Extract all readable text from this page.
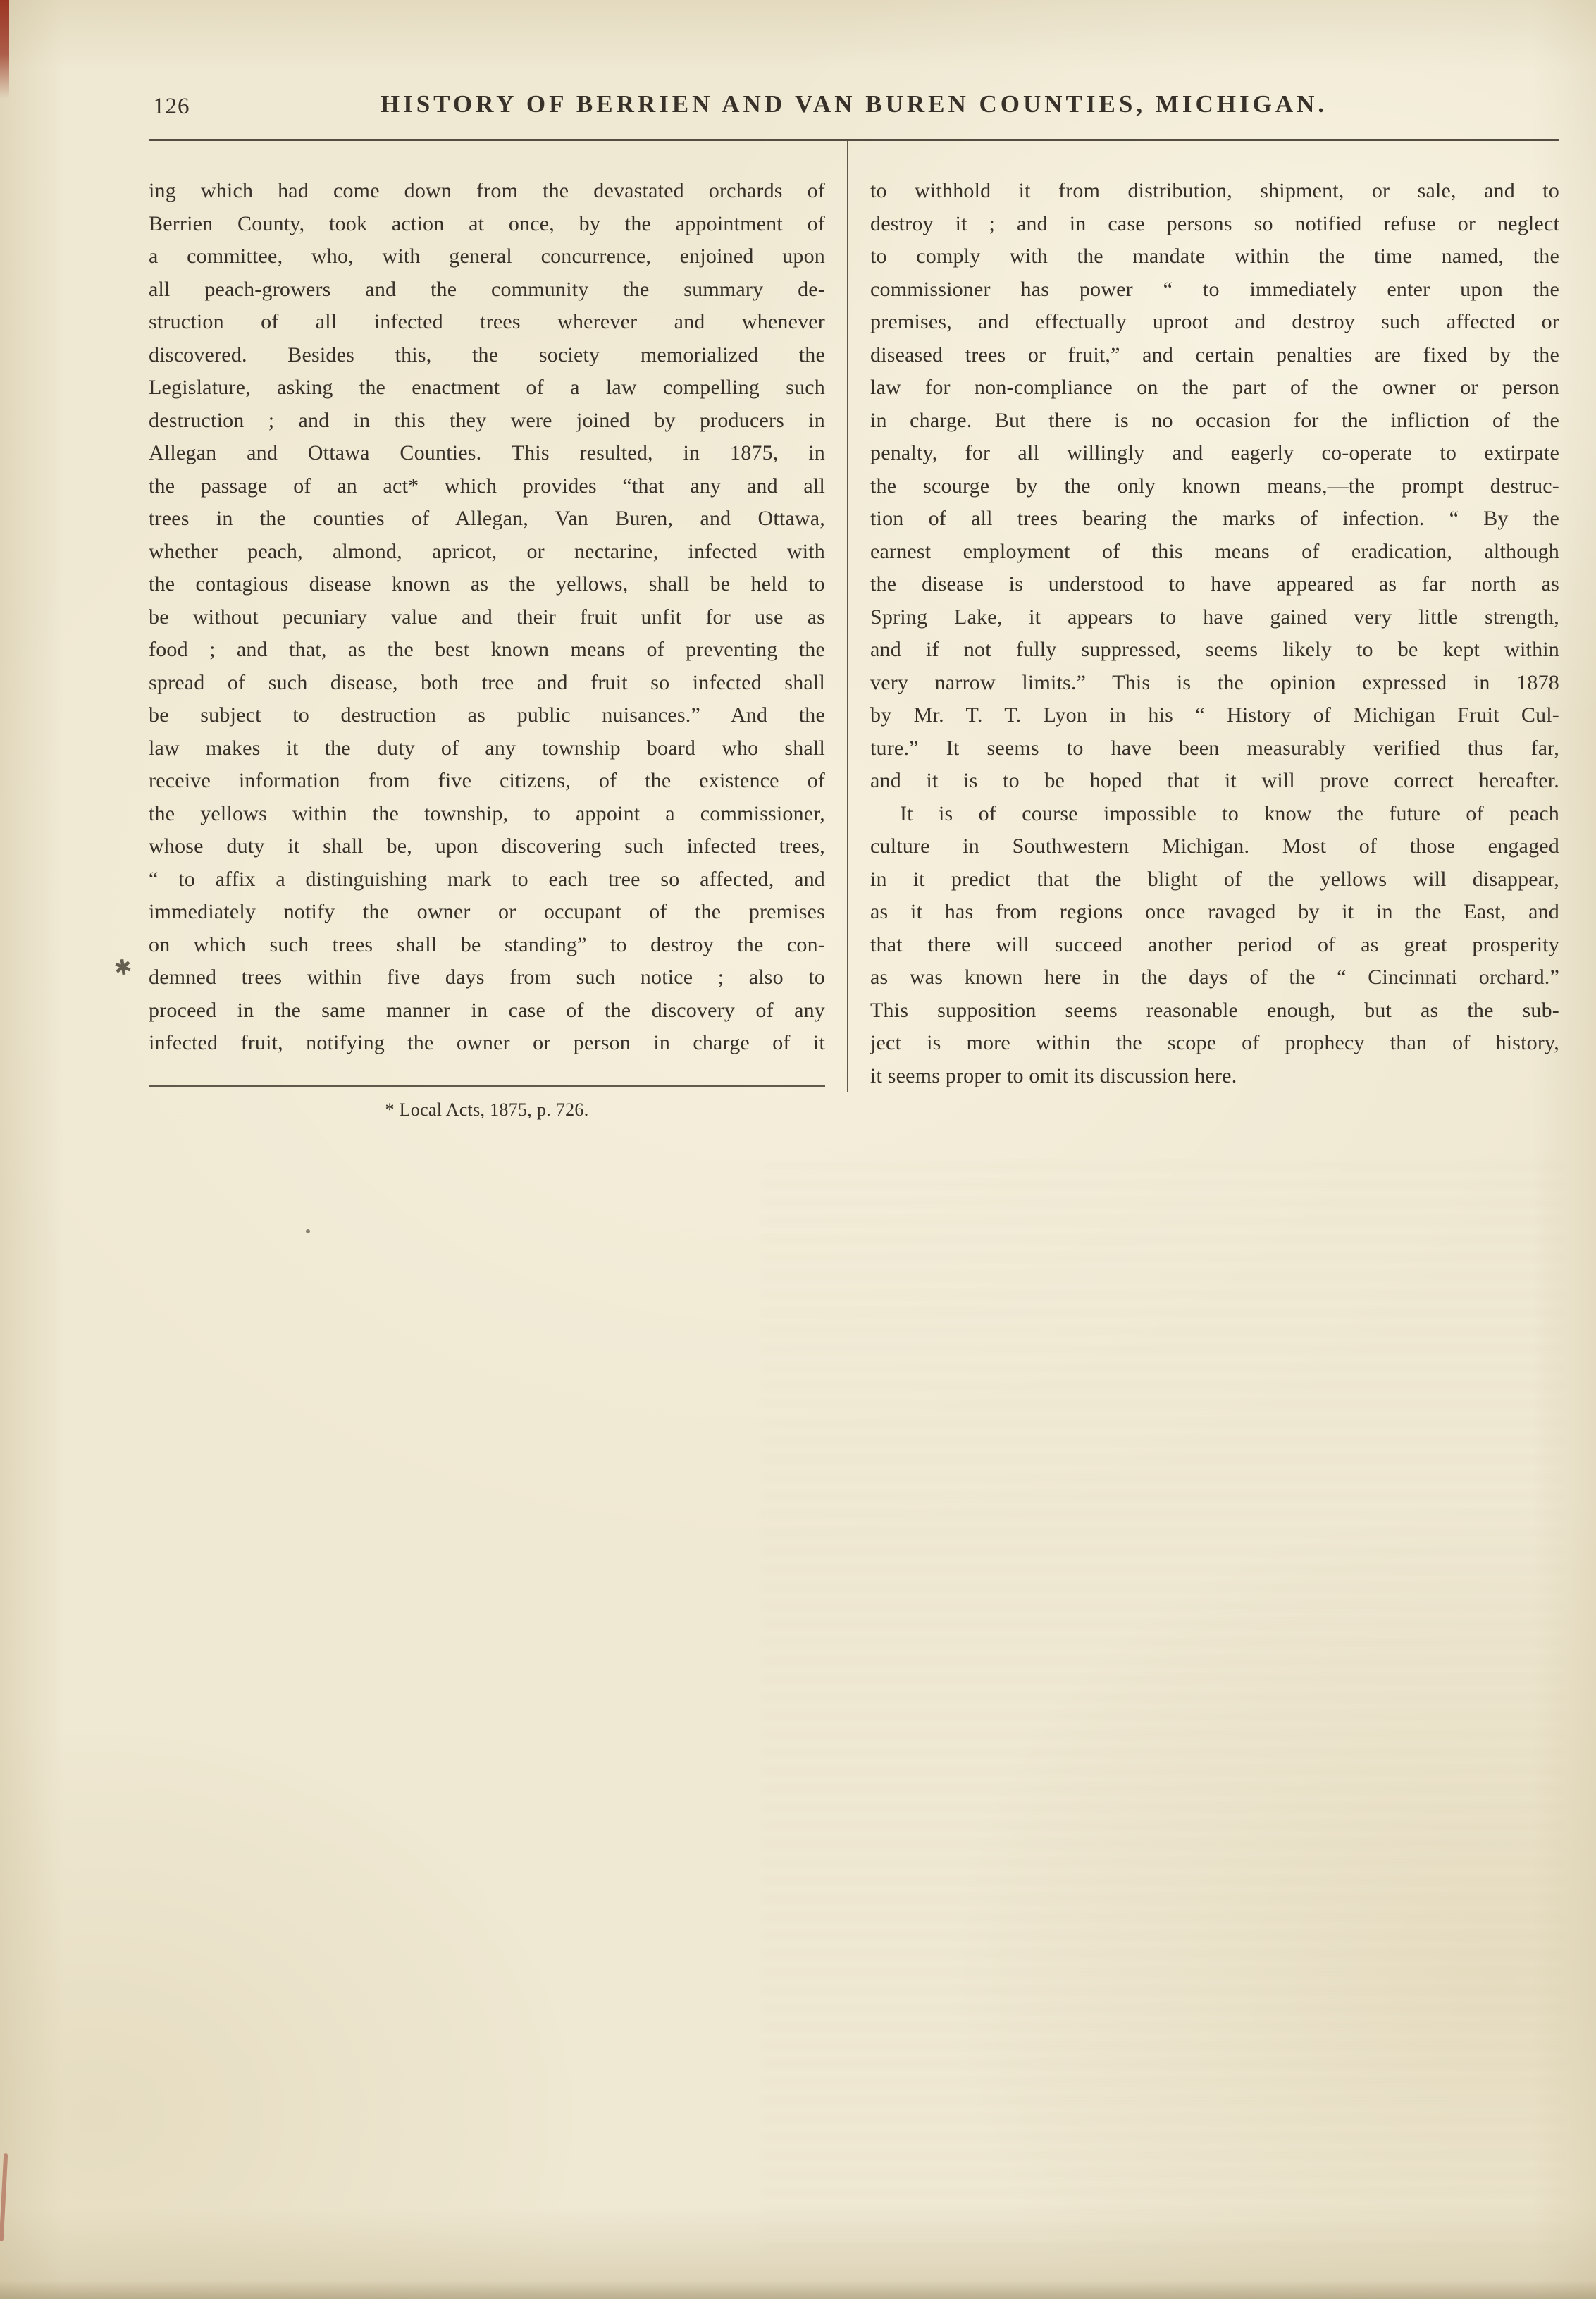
126	HISTORY OF BERRIEN AND VAN BUREN COUNTIES, MICHIGAN.
ing which had come down from the devastated orchards of
Berrien County, took action at once, by the appointment of
a committee, who, with general concurrence, enjoined upon
all peach-growers and the community the summary de-
struction of all infected trees wherever and whenever
discovered. Besides this, the society memorialized the
Legislature, asking the enactment of a law compelling such
destruction ; and in this they were joined by producers in
Allegan and Ottawa Counties. This resulted, in 1875, in
the passage of an act* which provides “that any and all
trees in the counties of Allegan, Van Buren, and Ottawa,
whether peach, almond, apricot, or nectarine, infected with
the contagious disease known as the yellows, shall be held to
be without pecuniary value and their fruit unfit for use as
food ; and that, as the best known means of preventing the
spread of such disease, both tree and fruit so infected shall
be subject to destruction as public nuisances.” And the
law makes it the duty of any township board who shall
receive information from five citizens, of the existence of
the yellows within the township, to appoint a commissioner,
whose duty it shall be, upon discovering such infected trees,
“ to affix a distinguishing mark to each tree so affected, and
immediately notify the owner or occupant of the premises
on which such trees shall be standing” to destroy the con-
demned trees within five days from such notice ; also to
proceed in the same manner in case of the discovery of any
infected fruit, notifying the owner or person in charge of it
* Local Acts, 1875, p. 726.
to withhold it from distribution, shipment, or sale, and to
destroy it ; and in case persons so notified refuse or neglect
to comply with the mandate within the time named, the
commissioner has power “ to immediately enter upon the
premises, and effectually uproot and destroy such affected or
diseased trees or fruit,” and certain penalties are fixed by the
law for non-compliance on the part of the owner or person
in charge. But there is no occasion for the infliction of the
penalty, for all willingly and eagerly co-operate to extirpate
the scourge by the only known means,—the prompt destruc-
tion of all trees bearing the marks of infection. “ By the
earnest employment of this means of eradication, although
the disease is understood to have appeared as far north as
Spring Lake, it appears to have gained very little strength,
and if not fully suppressed, seems likely to be kept within
very narrow limits.” This is the opinion expressed in 1878
by Mr. T. T. Lyon in his “ History of Michigan Fruit Cul-
ture.” It seems to have been measurably verified thus far,
and it is to be hoped that it will prove correct hereafter.
It is of course impossible to know the future of peach
culture in Southwestern Michigan. Most of those engaged
in it predict that the blight of the yellows will disappear,
as it has from regions once ravaged by it in the East, and
that there will succeed another period of as great prosperity
as was known here in the days of the “ Cincinnati orchard.”
This supposition seems reasonable enough, but as the sub-
ject is more within the scope of prophecy than of history,
it seems proper to omit its discussion here.
✱
